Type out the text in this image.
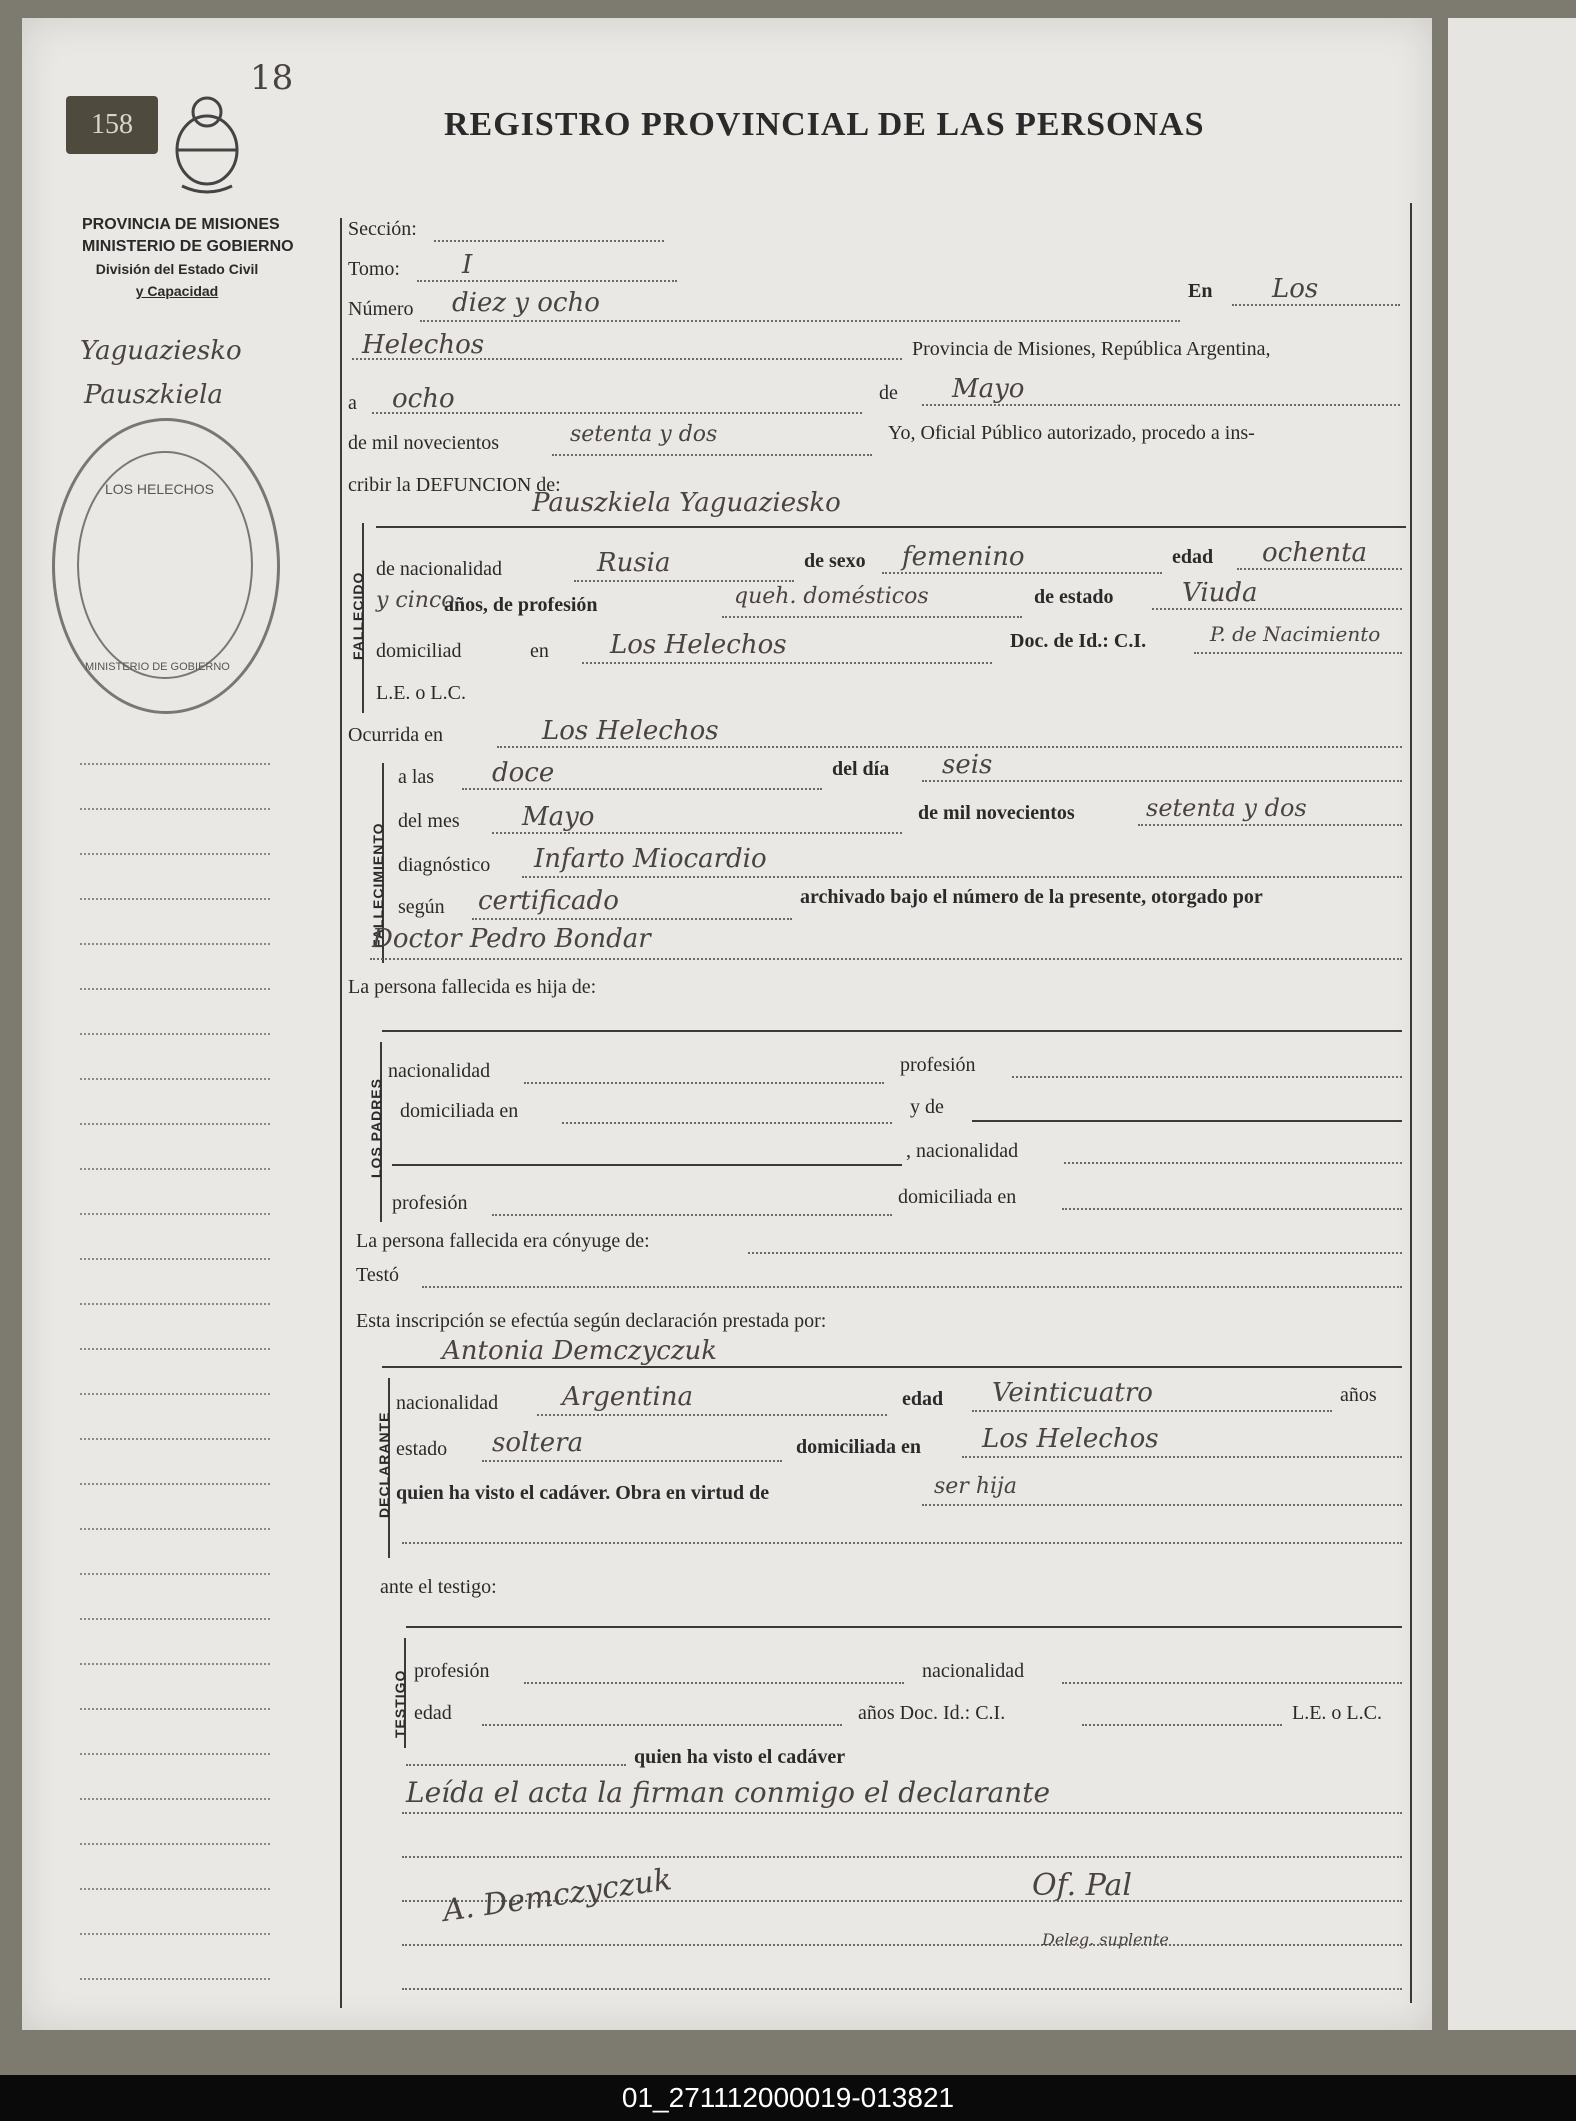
158
18
REGISTRO PROVINCIAL DE LAS PERSONAS
PROVINCIA DE MISIONES
MINISTERIO DE GOBIERNO
División del Estado Civil
y Capacidad
Yaguaziesko
Pauszkiela
LOS HELECHOS
MINISTERIO DE GOBIERNO
Sección:
Tomo: I
Número diez y ocho	En Los
Helechos	Provincia de Misiones, República Argentina,
a ocho	de Mayo
de mil novecientos	setenta y dos	Yo, Oficial Público autorizado, procedo a ins-
cribir la DEFUNCION de:
FALLECIDO
Pauszkiela Yaguaziesko
de nacionalidad	Rusia	de sexo femenino	edad ochenta
y cinco
años, de profesión	queh. domésticos	de estado	Viuda
domiciliad	en Los Helechos	Doc. de Id.: C.I.	P. de Nacimiento
L.E. o L.C.
Ocurrida en	Los Helechos
FALLECIMIENTO
a las doce	del día seis
del mes Mayo	de mil novecientos	setenta y dos
diagnóstico Infarto Miocardio
según certificado	archivado bajo el número de la presente, otorgado por
Doctor Pedro Bondar
La persona fallecida es hija de:
LOS PADRES
nacionalidad	profesión
domiciliada en	y de
, nacionalidad
profesión	domiciliada en
La persona fallecida era cónyuge de:
Testó
Esta inscripción se efectúa según declaración prestada por:
Antonia Demczyczuk
DECLARANTE
nacionalidad Argentina	edad Veinticuatro	años
estado soltera	domiciliada en Los Helechos
quien ha visto el cadáver. Obra en virtud de	ser hija
ante el testigo:
TESTIGO profesión	nacionalidad
edad	años Doc. Id.: C.I.	L.E. o L.C.
quien ha visto el cadáver
Leída el acta la firman conmigo el declarante
A. Demczyczuk	Of. Pal
Deleg. suplente
01_271112000019-013821
